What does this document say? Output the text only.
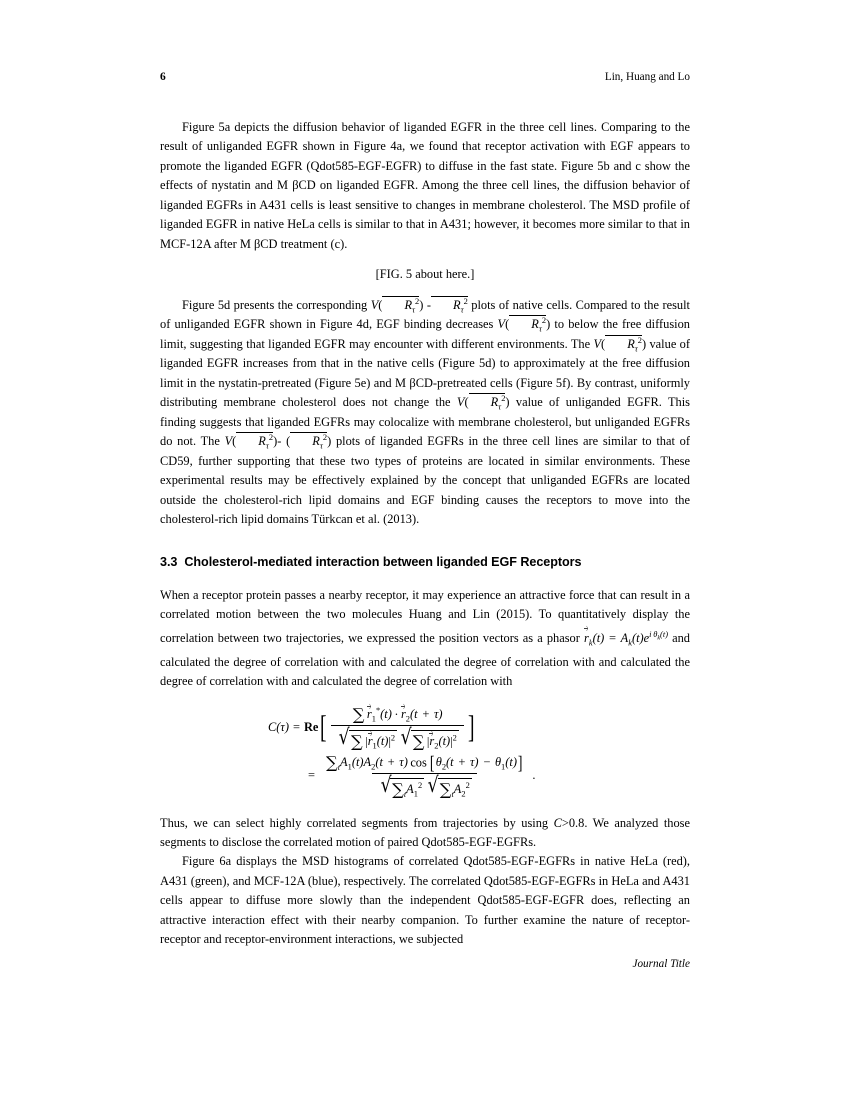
6	Lin, Huang and Lo

Figure 5a depicts the diffusion behavior of liganded EGFR in the three cell lines. Comparing to the result of unliganded EGFR shown in Figure 4a, we found that receptor activation with EGF appears to promote the liganded EGFR (Qdot585-EGF-EGFR) to diffuse in the fast state. Figure 5b and c show the effects of nystatin and M βCD on liganded EGFR. Among the three cell lines, the diffusion behavior of liganded EGFRs in A431 cells is least sensitive to changes in membrane cholesterol. The MSD profile of liganded EGFR in native HeLa cells is similar to that in A431; however, it becomes more similar to that in MCF-12A after M βCD treatment (c).

[FIG. 5 about here.]

Figure 5d presents the corresponding V( $R_\tau^2) - R_\tau^2$ plots of native cells. Compared to the result of unliganded EGFR shown in Figure 4d, EGF binding decreases V( $R_\tau^2$) to below the free diffusion limit, suggesting that liganded EGFR may encounter with different environments. The V( $R_\tau^2$) value of liganded EGFR increases from that in the native cells (Figure 5d) to approximately at the free diffusion limit in the nystatin-pretreated (Figure 5e) and M βCD-pretreated cells (Figure 5f). By contrast, uniformly distributing membrane cholesterol does not change the V( $R_\tau^2$) value of unliganded EGFR. This finding suggests that liganded EGFRs may colocalize with membrane cholesterol, but unliganded EGFRs do not. The V( $R_\tau^2)-$ ( $R_\tau^2$) plots of liganded EGFRs in the three cell lines are similar to that of CD59, further supporting that these two types of proteins are located in similar environments. These experimental results may be effectively explained by the concept that unliganded EGFRs are located outside the cholesterol-rich lipid domains and EGF binding causes the receptors to move into the cholesterol-rich lipid domains Türkcan et al. (2013).

3.3 Cholesterol-mediated interaction between liganded EGF Receptors

When a receptor protein passes a nearby receptor, it may experience an attractive force that can result in a correlated motion between the two molecules Huang and Lin (2015). To quantitatively display the correlation between two trajectories, we expressed the position vectors as a phasor r
$_k(t) = A_k(t)e^{i \theta_k(t)}$ and calculated the degree of correlation with and calculated the degree of correlation with and calculated the degree of correlation with and calculated the degree of correlation with

C(τ) = Re [ ∑  r
$_1$*(t) · r
$_2$(t + τ)
√ ∑ |r
$_1(t)|^2$ √ ∑ |r
$_2(t)|^2$ ]
= $\frac{\sum_tA_1(t)A_2(t + \tau) \cos [\theta_2(t + \tau) - \theta_1(t)]}{√ \sum_tA_1^2 √ \sum_tA_2^2}$ .

Thus, we can select highly correlated segments from trajectories by using C>0.8. We analyzed those segments to disclose the correlated motion of paired Qdot585-EGF-EGFRs.

Figure 6a displays the MSD histograms of correlated Qdot585-EGF-EGFRs in native HeLa (red), A431 (green), and MCF-12A (blue), respectively. The correlated Qdot585-EGF-EGFRs in HeLa and A431 cells appear to diffuse more slowly than the independent Qdot585-EGF-EGFR does, reflecting an attractive interaction effect with their nearby companion. To further examine the nature of receptor-receptor and receptor-environment interactions, we subjected

Journal Title
